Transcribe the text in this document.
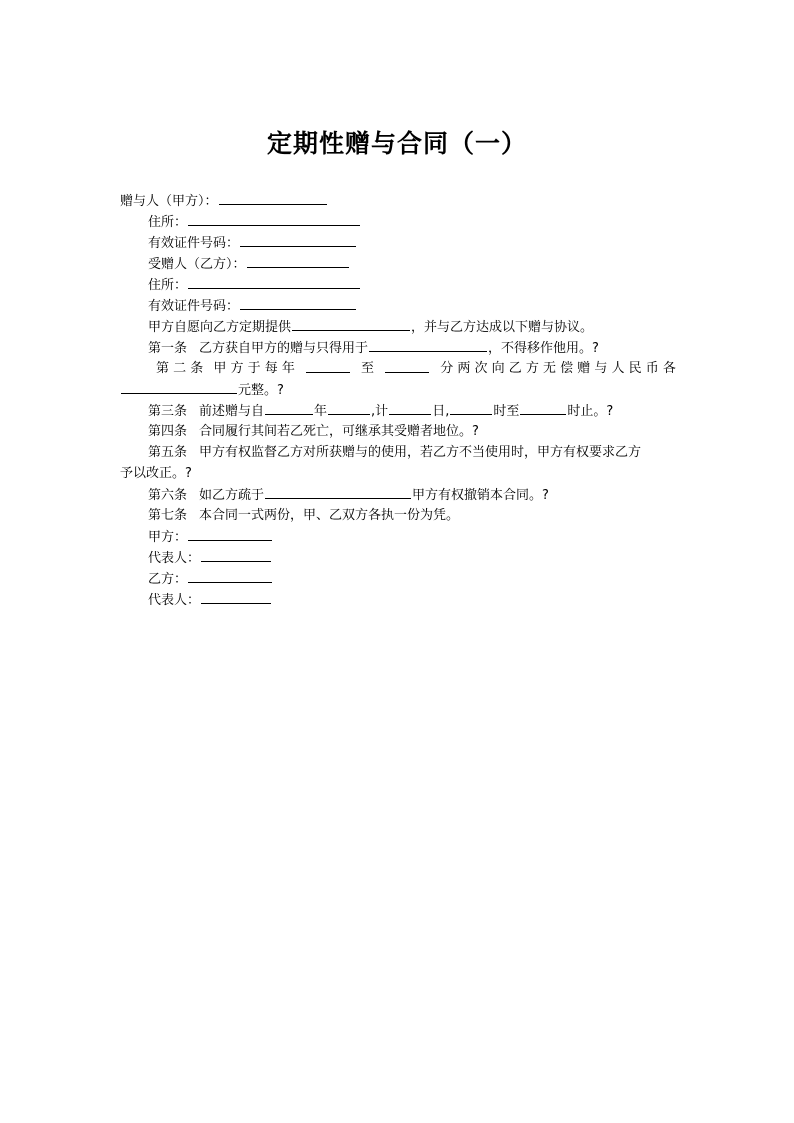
定期性赠与合同（一）
赠与人（甲方）：
住所：
有效证件号码：
受赠人（乙方）：
住所：
有效证件号码：
甲方自愿向乙方定期提供	，并与乙方达成以下赠与协议。
第一条 乙方获自甲方的赠与只得用于	，不得移作他用。?
第 二 条 甲 方 于 每 年	至	分 两 次 向 乙 方 无 偿 赠 与 人 民 币 各
元整。?
第三条 前述赠与自	年	,计	日,	时至	时止。?
第四条 合同履行其间若乙死亡，可继承其受赠者地位。?
第五条 甲方有权监督乙方对所获赠与的使用，若乙方不当使用时，甲方有权要求乙方
予以改正。?
第六条 如乙方疏于	甲方有权撤销本合同。?
第七条 本合同一式两份，甲、乙双方各执一份为凭。
甲方：
代表人：
乙方：
代表人：
